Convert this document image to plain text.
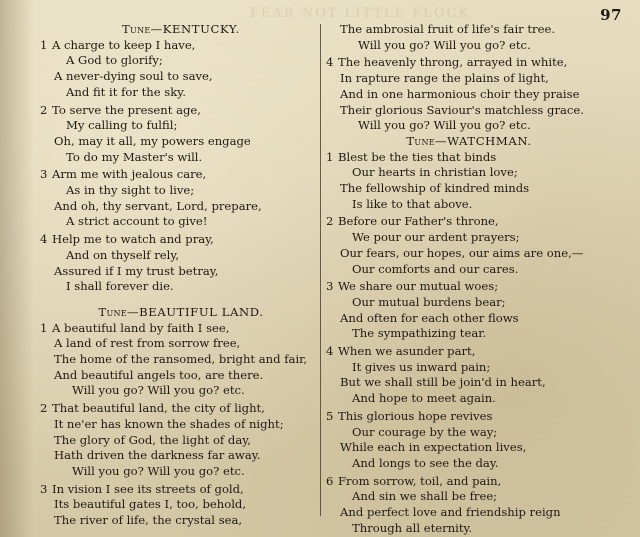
FEAR NOT LITTLE FLOCK	97
Tune—KENTUCKY.
1 A charge to keep I have,
A God to glorify;
A never-dying soul to save,
And fit it for the sky.
2 To serve the present age,
My calling to fulfil;
Oh, may it all, my powers engage
To do my Master's will.
3 Arm me with jealous care,
As in thy sight to live;
And oh, thy servant, Lord, prepare,
A strict account to give!
4 Help me to watch and pray,
And on thyself rely,
Assured if I my trust betray,
I shall forever die.
Tune—BEAUTIFUL LAND.
1 A beautiful land by faith I see,
A land of rest from sorrow free,
The home of the ransomed, bright and fair,
And beautiful angels too, are there.
Will you go? Will you go? etc.
2 That beautiful land, the city of light,
It ne'er has known the shades of night;
The glory of God, the light of day,
Hath driven the darkness far away.
Will you go? Will you go? etc.
3 In vision I see its streets of gold,
Its beautiful gates I, too, behold,
The river of life, the crystal sea,
The ambrosial fruit of life's fair tree.
Will you go? Will you go? etc.
4 The heavenly throng, arrayed in white,
In rapture range the plains of light,
And in one harmonious choir they praise
Their glorious Saviour's matchless grace.
Will you go? Will you go? etc.
Tune—WATCHMAN.
1 Blest be the ties that binds
Our hearts in christian love;
The fellowship of kindred minds
Is like to that above.
2 Before our Father's throne,
We pour our ardent prayers;
Our fears, our hopes, our aims are one,—
Our comforts and our cares.
3 We share our mutual woes;
Our mutual burdens bear;
And often for each other flows
The sympathizing tear.
4 When we asunder part,
It gives us inward pain;
But we shall still be join'd in heart,
And hope to meet again.
5 This glorious hope revives
Our courage by the way;
While each in expectation lives,
And longs to see the day.
6 From sorrow, toil, and pain,
And sin we shall be free;
And perfect love and friendship reign
Through all eternity.
